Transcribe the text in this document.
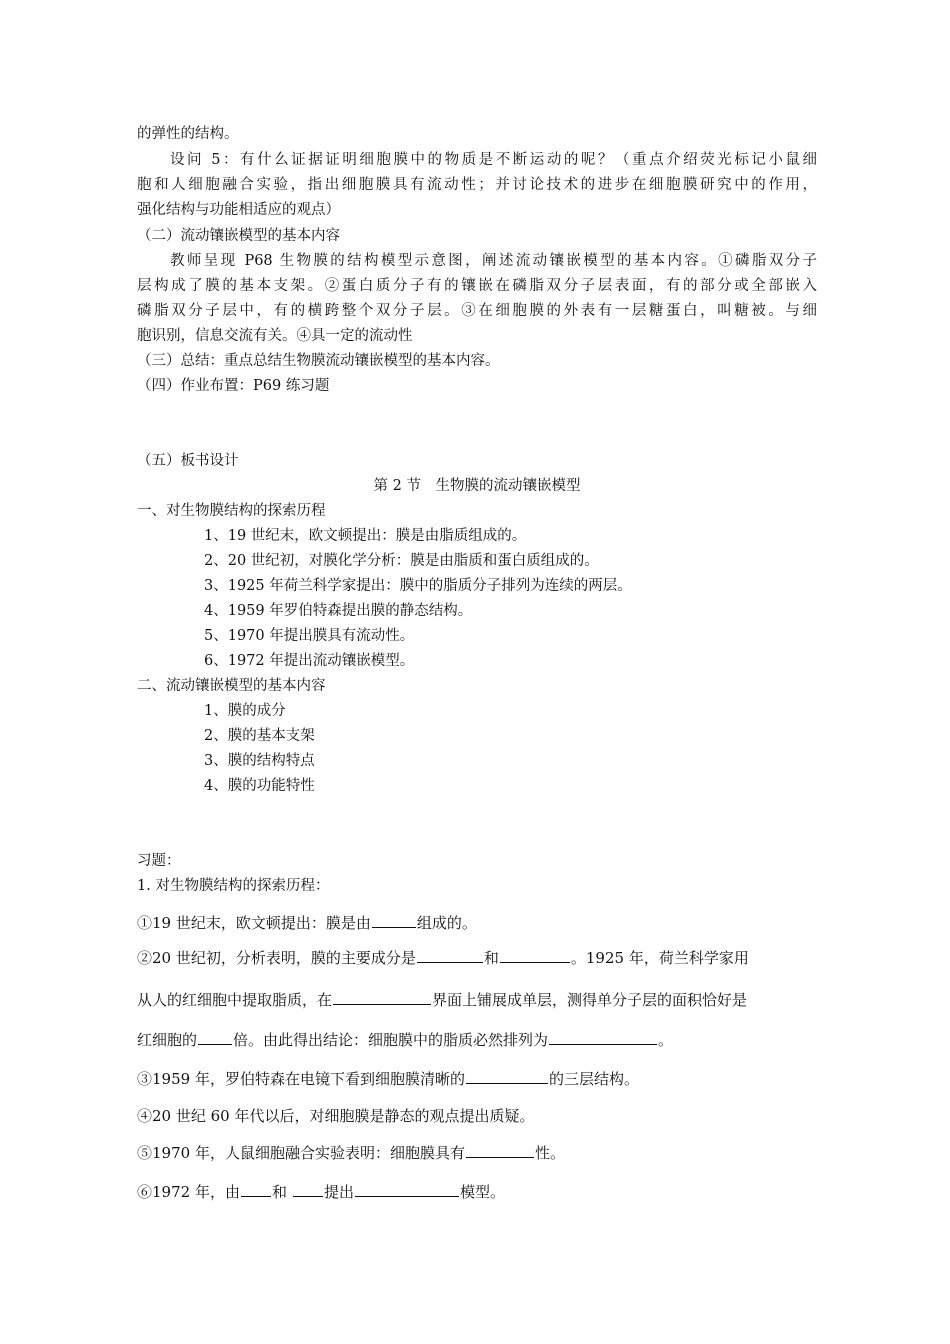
的弹性的结构。
设问 5：有什么证据证明细胞膜中的物质是不断运动的呢？（重点介绍荧光标记小鼠细
胞和人细胞融合实验，指出细胞膜具有流动性；并讨论技术的进步在细胞膜研究中的作用，
强化结构与功能相适应的观点）
（二）流动镶嵌模型的基本内容
教师呈现 P68 生物膜的结构模型示意图，阐述流动镶嵌模型的基本内容。①磷脂双分子
层构成了膜的基本支架。②蛋白质分子有的镶嵌在磷脂双分子层表面，有的部分或全部嵌入
磷脂双分子层中，有的横跨整个双分子层。③在细胞膜的外表有一层糖蛋白，叫糖被。与细
胞识别，信息交流有关。④具一定的流动性
（三）总结：重点总结生物膜流动镶嵌模型的基本内容。
（四）作业布置：P69 练习题
（五）板书设计
第 2 节　生物膜的流动镶嵌模型
一、对生物膜结构的探索历程
1、19 世纪末，欧文顿提出：膜是由脂质组成的。
2、20 世纪初，对膜化学分析：膜是由脂质和蛋白质组成的。
3、1925 年荷兰科学家提出：膜中的脂质分子排列为连续的两层。
4、1959 年罗伯特森提出膜的静态结构。
5、1970 年提出膜具有流动性。
6、1972 年提出流动镶嵌模型。
二、流动镶嵌模型的基本内容
1、膜的成分
2、膜的基本支架
3、膜的结构特点
4、膜的功能特性
习题：
1. 对生物膜结构的探索历程：
①19 世纪末，欧文顿提出：膜是由	组成的。
②20 世纪初，分析表明，膜的主要成分是	和	。1925 年，荷兰科学家用
从人的红细胞中提取脂质，在	界面上铺展成单层，测得单分子层的面积恰好是
红细胞的 倍。由此得出结论：细胞膜中的脂质必然排列为	。
③1959 年，罗伯特森在电镜下看到细胞膜清晰的	的三层结构。
④20 世纪 60 年代以后，对细胞膜是静态的观点提出质疑。
⑤1970 年，人鼠细胞融合实验表明：细胞膜具有	性。
⑥1972 年，由 和 提出	模型。
